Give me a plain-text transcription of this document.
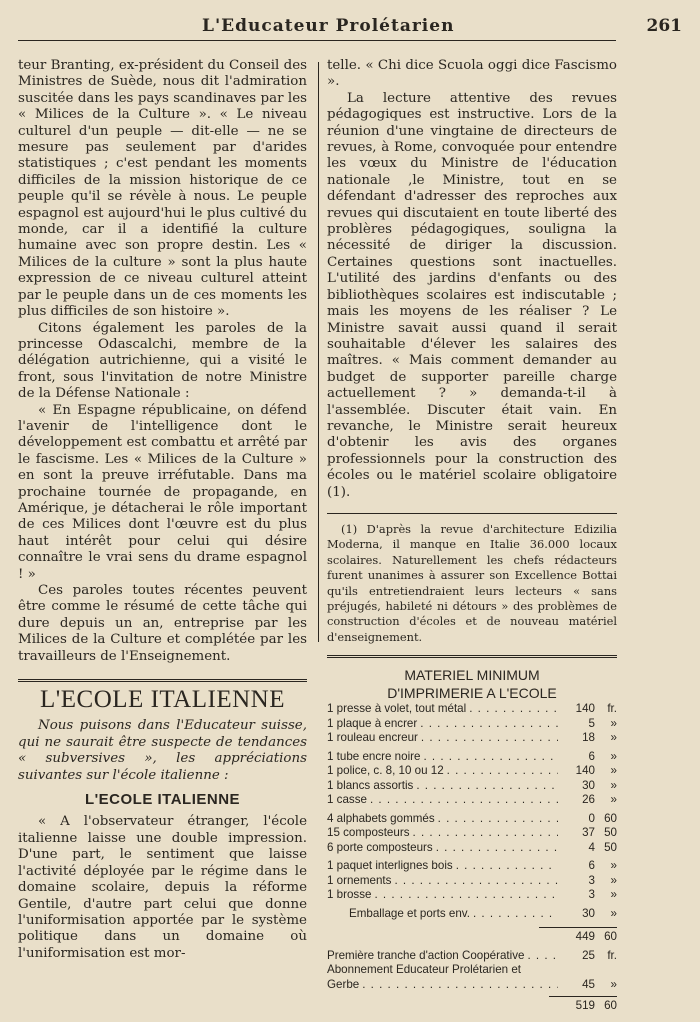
L'Educateur Prolétarien	261

teur Branting, ex-président du Conseil des Ministres de Suède, nous dit l'admiration suscitée dans les pays scandinaves par les « Milices de la Culture ». « Le niveau culturel d'un peuple — dit-elle — ne se mesure pas seulement par d'arides statistiques ; c'est pendant les moments difficiles de la mission historique de ce peuple qu'il se révèle à nous. Le peuple espagnol est aujourd'hui le plus cultivé du monde, car il a identifié la culture humaine avec son propre destin. Les « Milices de la culture » sont la plus haute expression de ce niveau culturel atteint par le peuple dans un de ces moments les plus difficiles de son histoire ».

Citons également les paroles de la princesse Odascalchi, membre de la délégation autrichienne, qui a visité le front, sous l'invitation de notre Ministre de la Défense Nationale :

« En Espagne républicaine, on défend l'avenir de l'intelligence dont le développement est combattu et arrêté par le fascisme. Les « Milices de la Culture » en sont la preuve irréfutable. Dans ma prochaine tournée de propagande, en Amérique, je détacherai le rôle important de ces Milices dont l'œuvre est du plus haut intérêt pour celui qui désire connaître le vrai sens du drame espagnol ! »

Ces paroles toutes récentes peuvent être comme le résumé de cette tâche qui dure depuis un an, entreprise par les Milices de la Culture et complétée par les travailleurs de l'Enseignement.

L'ECOLE ITALIENNE

Nous puisons dans l'Educateur suisse, qui ne saurait être suspecte de tendances « subversives », les appréciations suivantes sur l'école italienne :

L'ECOLE ITALIENNE

« A l'observateur étranger, l'école italienne laisse une double impression. D'une part, le sentiment que laisse l'activité déployée par le régime dans le domaine scolaire, depuis la réforme Gentile, d'autre part celui que donne l'uniformisation apportée par le système politique dans un domaine où l'uniformisation est mor-

telle. « Chi dice Scuola oggi dice Fascismo ».

La lecture attentive des revues pédagogiques est instructive. Lors de la réunion d'une vingtaine de directeurs de revues, à Rome, convoquée pour entendre les vœux du Ministre de l'éducation nationale ,le Ministre, tout en se défendant d'adresser des reproches aux revues qui discutaient en toute liberté des problères pédagogiques, souligna la nécessité de diriger la discussion. Certaines questions sont inactuelles. L'utilité des jardins d'enfants ou des bibliothèques scolaires est indiscutable ; mais les moyens de les réaliser ? Le Ministre savait aussi quand il serait souhaitable d'élever les salaires des maîtres. « Mais comment demander au budget de supporter pareille charge actuellement ? » demanda-t-il à l'assemblée. Discuter était vain. En revanche, le Ministre serait heureux d'obtenir les avis des organes professionnels pour la construction des écoles ou le matériel scolaire obligatoire (1).

(1) D'après la revue d'architecture Edizilia Moderna, il manque en Italie 36.000 locaux scolaires. Naturellement les chefs rédacteurs furent unanimes à assurer son Excellence Bottai qu'ils entretiendraient leurs lecteurs « sans préjugés, habileté ni détours » des problèmes de construction d'écoles et de nouveau matériel d'enseignement.

MATERIEL MINIMUM
D'IMPRIMERIE A L'ECOLE
1 presse à volet, tout métal . . .	140	fr.
1 plaque à encrer . . .	5	»
1 rouleau encreur . . .	18	»
1 tube encre noire . . .	6	»
1 police, c. 8, 10 ou 12 . . .	140	»
1 blancs assortis . . .	30	»
1 casse . . .	26	»
4 alphabets gommés . . .	0 60
15 composteurs . . .	37 50
6 porte composteurs . . .	4 50
1 paquet interlignes bois . . .	6	»
1 ornements . . .	3	»
1 brosse . . .	3	»
Emballage et ports env. . . .	30	»
449 60
Première tranche d'action Coopérative . . .	25	fr.
Abonnement Educateur Prolétarien et
Gerbe . . .	45	»
519 60
